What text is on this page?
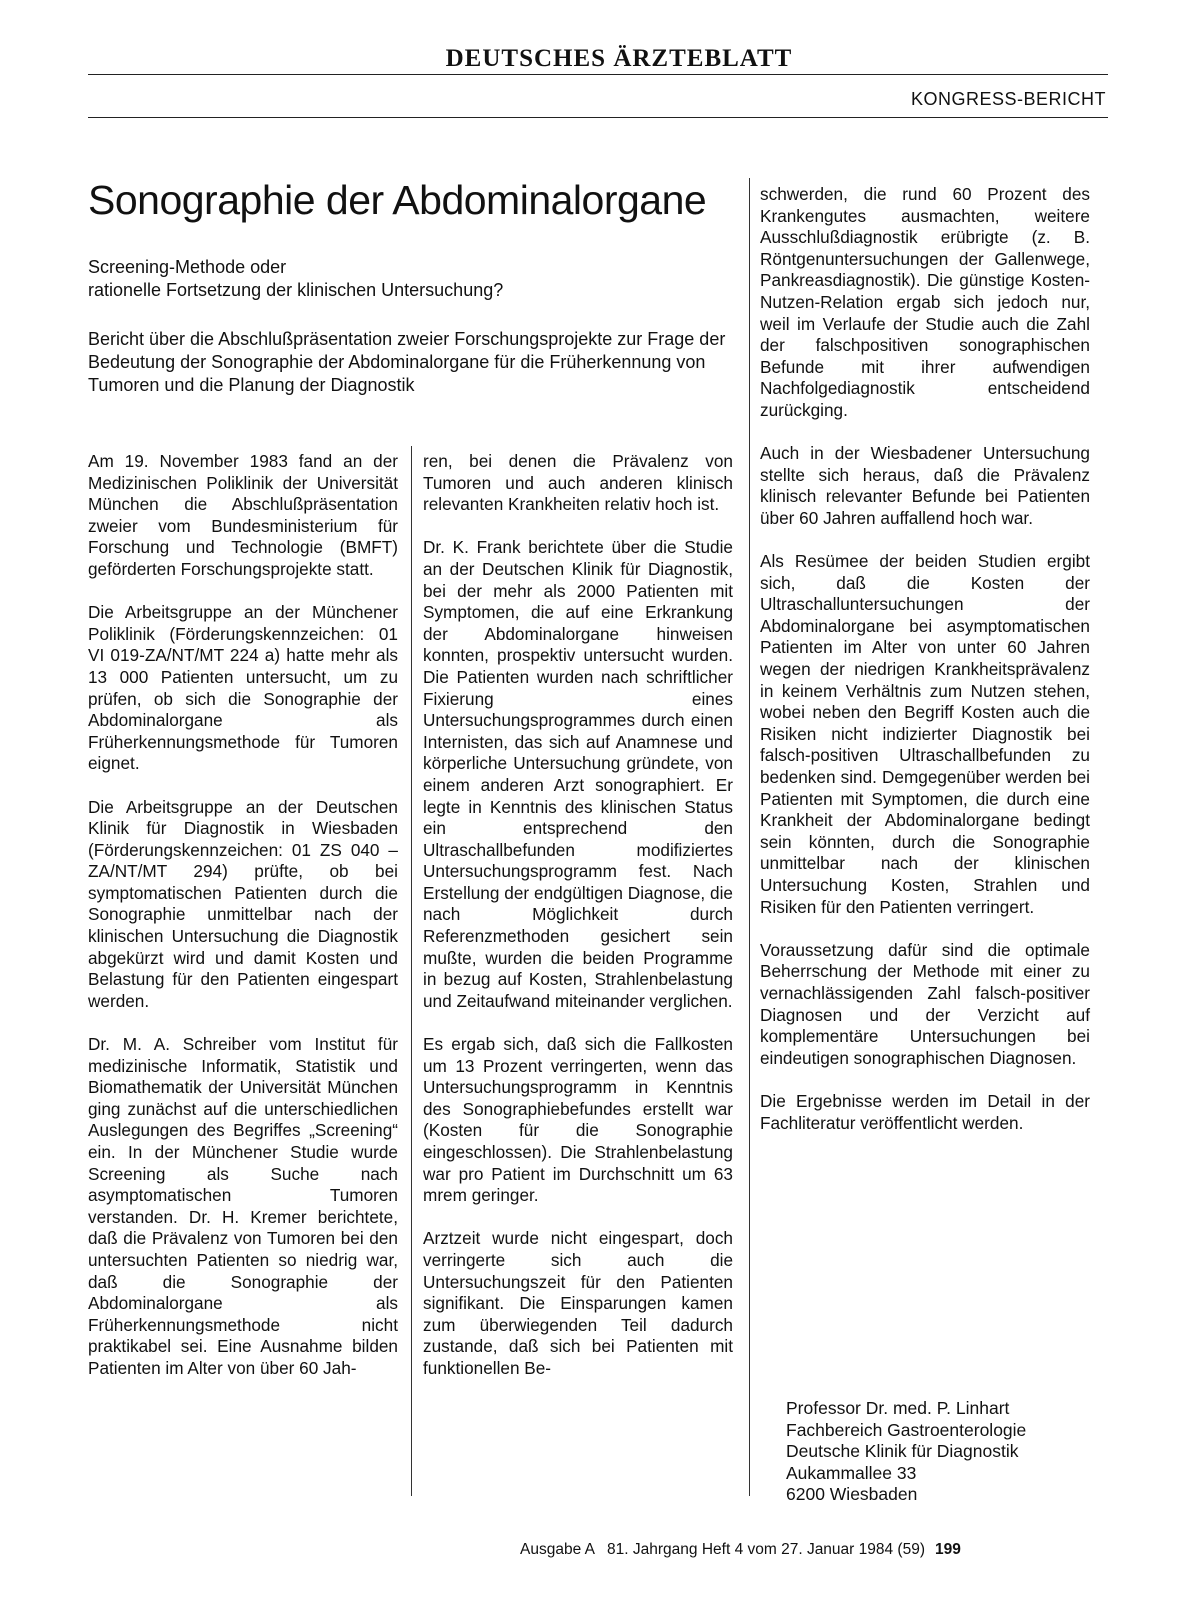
DEUTSCHES ÄRZTEBLATT
KONGRESS-BERICHT
Sonographie der Abdominalorgane
Screening-Methode oder
rationelle Fortsetzung der klinischen Untersuchung?
Bericht über die Abschlußpräsentation zweier Forschungsprojekte zur Frage der Bedeutung der Sonographie der Abdominalorgane für die Früherkennung von Tumoren und die Planung der Diagnostik

Am 19. November 1983 fand an der Medizinischen Poliklinik der Universität München die Abschlußpräsentation zweier vom Bundesministerium für Forschung und Technologie (BMFT) geförderten Forschungsprojekte statt.

Die Arbeitsgruppe an der Münchener Poliklinik (Förderungskennzeichen: 01 VI 019-ZA/NT/MT 224 a) hatte mehr als 13 000 Patienten untersucht, um zu prüfen, ob sich die Sonographie der Abdominalorgane als Früherkennungsmethode für Tumoren eignet.

Die Arbeitsgruppe an der Deutschen Klinik für Diagnostik in Wiesbaden (Förderungskennzeichen: 01 ZS 040 – ZA/NT/MT 294) prüfte, ob bei symptomatischen Patienten durch die Sonographie unmittelbar nach der klinischen Untersuchung die Diagnostik abgekürzt wird und damit Kosten und Belastung für den Patienten eingespart werden.

Dr. M. A. Schreiber vom Institut für medizinische Informatik, Statistik und Biomathematik der Universität München ging zunächst auf die unterschiedlichen Auslegungen des Begriffes „Screening“ ein. In der Münchener Studie wurde Screening als Suche nach asymptomatischen Tumoren verstanden. Dr. H. Kremer berichtete, daß die Prävalenz von Tumoren bei den untersuchten Patienten so niedrig war, daß die Sonographie der Abdominalorgane als Früherkennungsmethode nicht praktikabel sei. Eine Ausnahme bilden Patienten im Alter von über 60 Jah-

ren, bei denen die Prävalenz von Tumoren und auch anderen klinisch relevanten Krankheiten relativ hoch ist.

Dr. K. Frank berichtete über die Studie an der Deutschen Klinik für Diagnostik, bei der mehr als 2000 Patienten mit Symptomen, die auf eine Erkrankung der Abdominalorgane hinweisen konnten, prospektiv untersucht wurden. Die Patienten wurden nach schriftlicher Fixierung eines Untersuchungsprogrammes durch einen Internisten, das sich auf Anamnese und körperliche Untersuchung gründete, von einem anderen Arzt sonographiert. Er legte in Kenntnis des klinischen Status ein entsprechend den Ultraschallbefunden modifiziertes Untersuchungsprogramm fest. Nach Erstellung der endgültigen Diagnose, die nach Möglichkeit durch Referenzmethoden gesichert sein mußte, wurden die beiden Programme in bezug auf Kosten, Strahlenbelastung und Zeitaufwand miteinander verglichen.

Es ergab sich, daß sich die Fallkosten um 13 Prozent verringerten, wenn das Untersuchungsprogramm in Kenntnis des Sonographiebefundes erstellt war (Kosten für die Sonographie eingeschlossen). Die Strahlenbelastung war pro Patient im Durchschnitt um 63 mrem geringer.

Arztzeit wurde nicht eingespart, doch verringerte sich auch die Untersuchungszeit für den Patienten signifikant. Die Einsparungen kamen zum überwiegenden Teil dadurch zustande, daß sich bei Patienten mit funktionellen Be-

schwerden, die rund 60 Prozent des Krankengutes ausmachten, weitere Ausschlußdiagnostik erübrigte (z. B. Röntgenuntersuchungen der Gallenwege, Pankreasdiagnostik). Die günstige Kosten-Nutzen-Relation ergab sich jedoch nur, weil im Verlaufe der Studie auch die Zahl der falschpositiven sonographischen Befunde mit ihrer aufwendigen Nachfolgediagnostik entscheidend zurückging.

Auch in der Wiesbadener Untersuchung stellte sich heraus, daß die Prävalenz klinisch relevanter Befunde bei Patienten über 60 Jahren auffallend hoch war.

Als Resümee der beiden Studien ergibt sich, daß die Kosten der Ultraschalluntersuchungen der Abdominalorgane bei asymptomatischen Patienten im Alter von unter 60 Jahren wegen der niedrigen Krankheitsprävalenz in keinem Verhältnis zum Nutzen stehen, wobei neben den Begriff Kosten auch die Risiken nicht indizierter Diagnostik bei falsch-positiven Ultraschallbefunden zu bedenken sind. Demgegenüber werden bei Patienten mit Symptomen, die durch eine Krankheit der Abdominalorgane bedingt sein könnten, durch die Sonographie unmittelbar nach der klinischen Untersuchung Kosten, Strahlen und Risiken für den Patienten verringert.

Voraussetzung dafür sind die optimale Beherrschung der Methode mit einer zu vernachlässigenden Zahl falsch-positiver Diagnosen und der Verzicht auf komplementäre Untersuchungen bei eindeutigen sonographischen Diagnosen.

Die Ergebnisse werden im Detail in der Fachliteratur veröffentlicht werden.

Professor Dr. med. P. Linhart
Fachbereich Gastroenterologie
Deutsche Klinik für Diagnostik
Aukammallee 33
6200 Wiesbaden
Ausgabe A   81. Jahrgang Heft 4 vom 27. Januar 1984 (59) 199
